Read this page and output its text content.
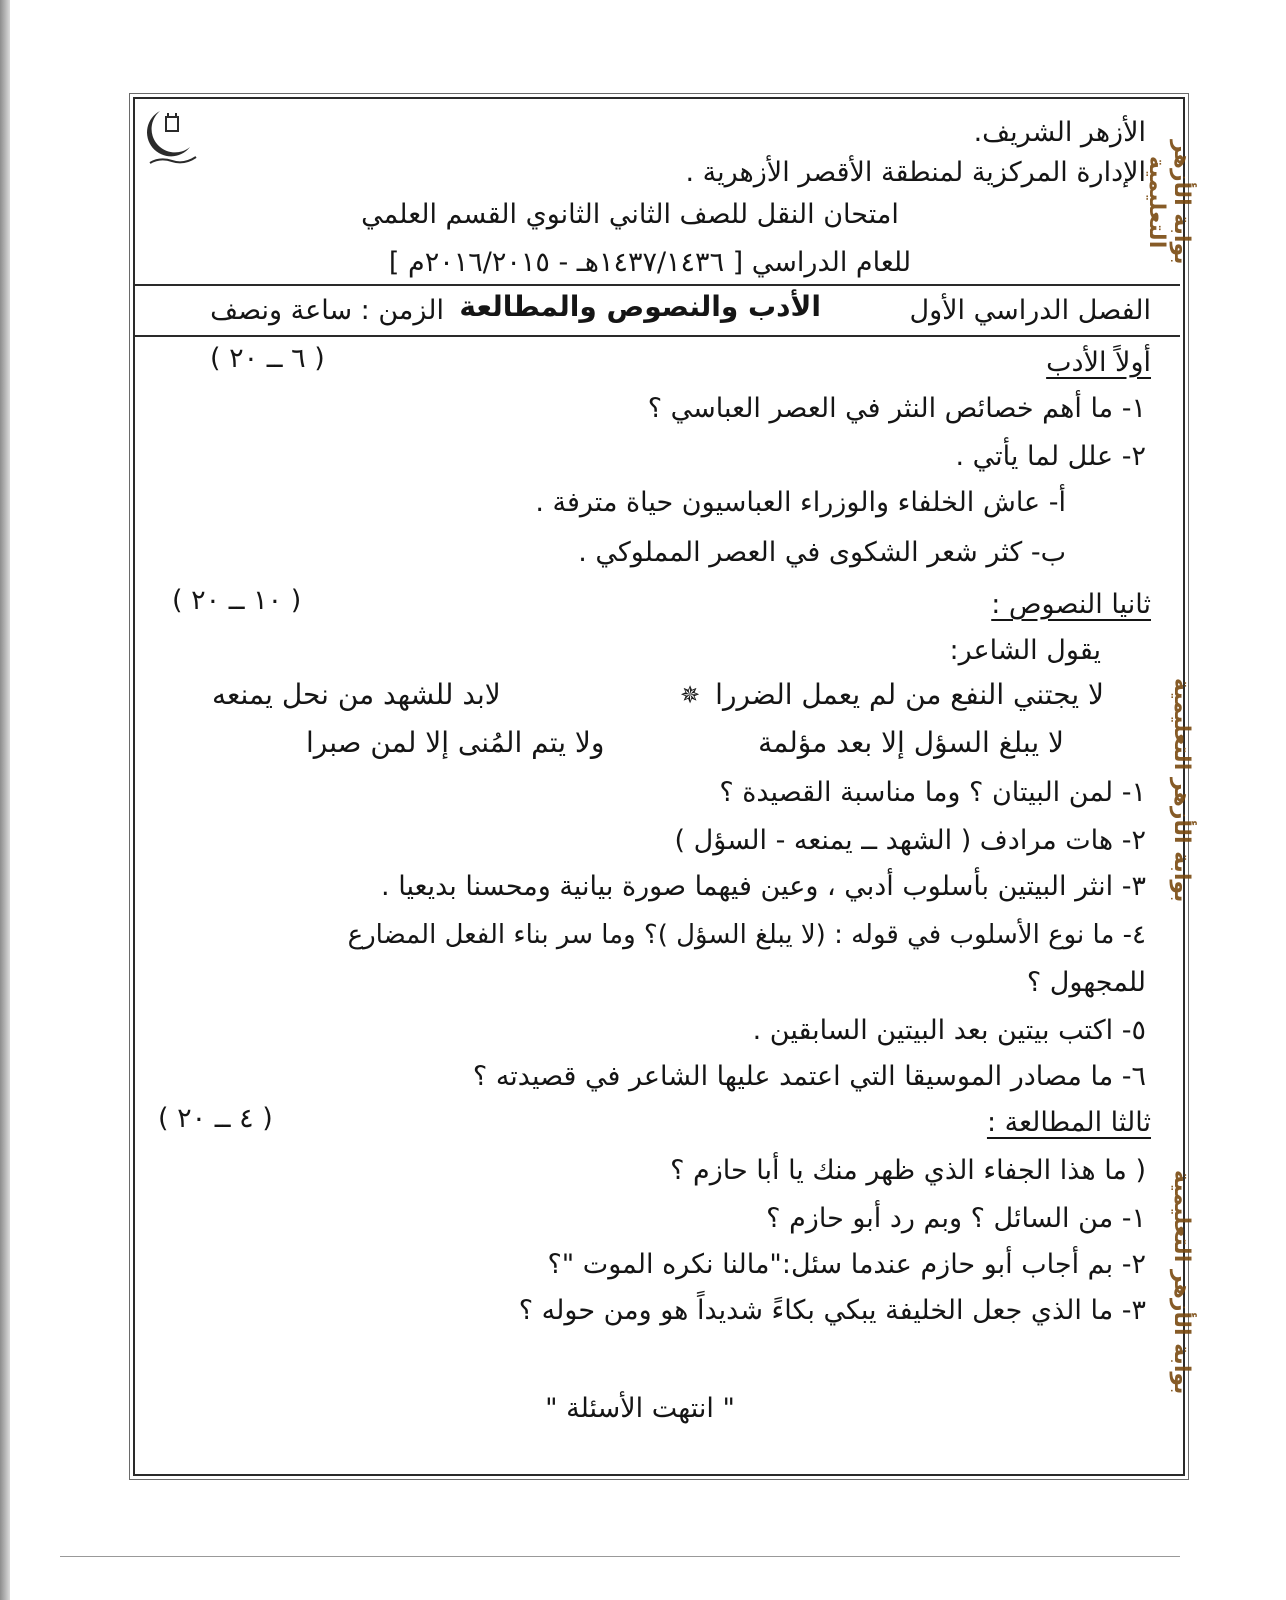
الأزهر الشريف.
الإدارة المركزية لمنطقة الأقصر الأزهرية .
امتحان النقل للصف الثاني الثانوي القسم العلمي
للعام الدراسي [ ١٤٣٧/١٤٣٦هـ - ٢٠١٦/٢٠١٥م ]
الفصل الدراسي الأول
الأدب والنصوص والمطالعة
الزمن : ساعة ونصف
أولاً الأدب
( ٦ ــ ٢٠ )
١- ما أهم خصائص النثر في العصر العباسي ؟
٢- علل لما يأتي .
أ- عاش الخلفاء والوزراء العباسيون حياة مترفة .
ب- كثر شعر الشكوى في العصر المملوكي .
ثانيا النصوص :
( ١٠ ــ ٢٠ )
يقول الشاعر:
لا يجتني النفع من لم يعمل الضررا
✵
لابد للشهد من نحل يمنعه
لا يبلغ السؤل إلا بعد مؤلمة
ولا يتم المُنى إلا لمن صبرا
١- لمن البيتان ؟ وما مناسبة القصيدة ؟
٢- هات مرادف ( الشهد ــ يمنعه - السؤل )
٣- انثر البيتين بأسلوب أدبي ، وعين فيهما صورة بيانية ومحسنا بديعيا .
٤- ما نوع الأسلوب في قوله : (لا يبلغ السؤل )؟ وما سر بناء الفعل المضارع
للمجهول ؟
٥- اكتب بيتين بعد البيتين السابقين .
٦- ما مصادر الموسيقا التي اعتمد عليها الشاعر في قصيدته ؟
ثالثا المطالعة :
( ٤ ــ ٢٠ )
( ما هذا الجفاء الذي ظهر منك يا أبا حازم ؟
١- من السائل ؟ وبم رد أبو حازم ؟
٢- بم أجاب أبو حازم عندما سئل:"مالنا نكره الموت "؟
٣- ما الذي جعل الخليفة يبكي بكاءً شديداً هو ومن حوله ؟
" انتهت الأسئلة "
بوابة الأزهر التعليمية
بوابة الأزهر التعليمية
بوابة الأزهر التعليمية
